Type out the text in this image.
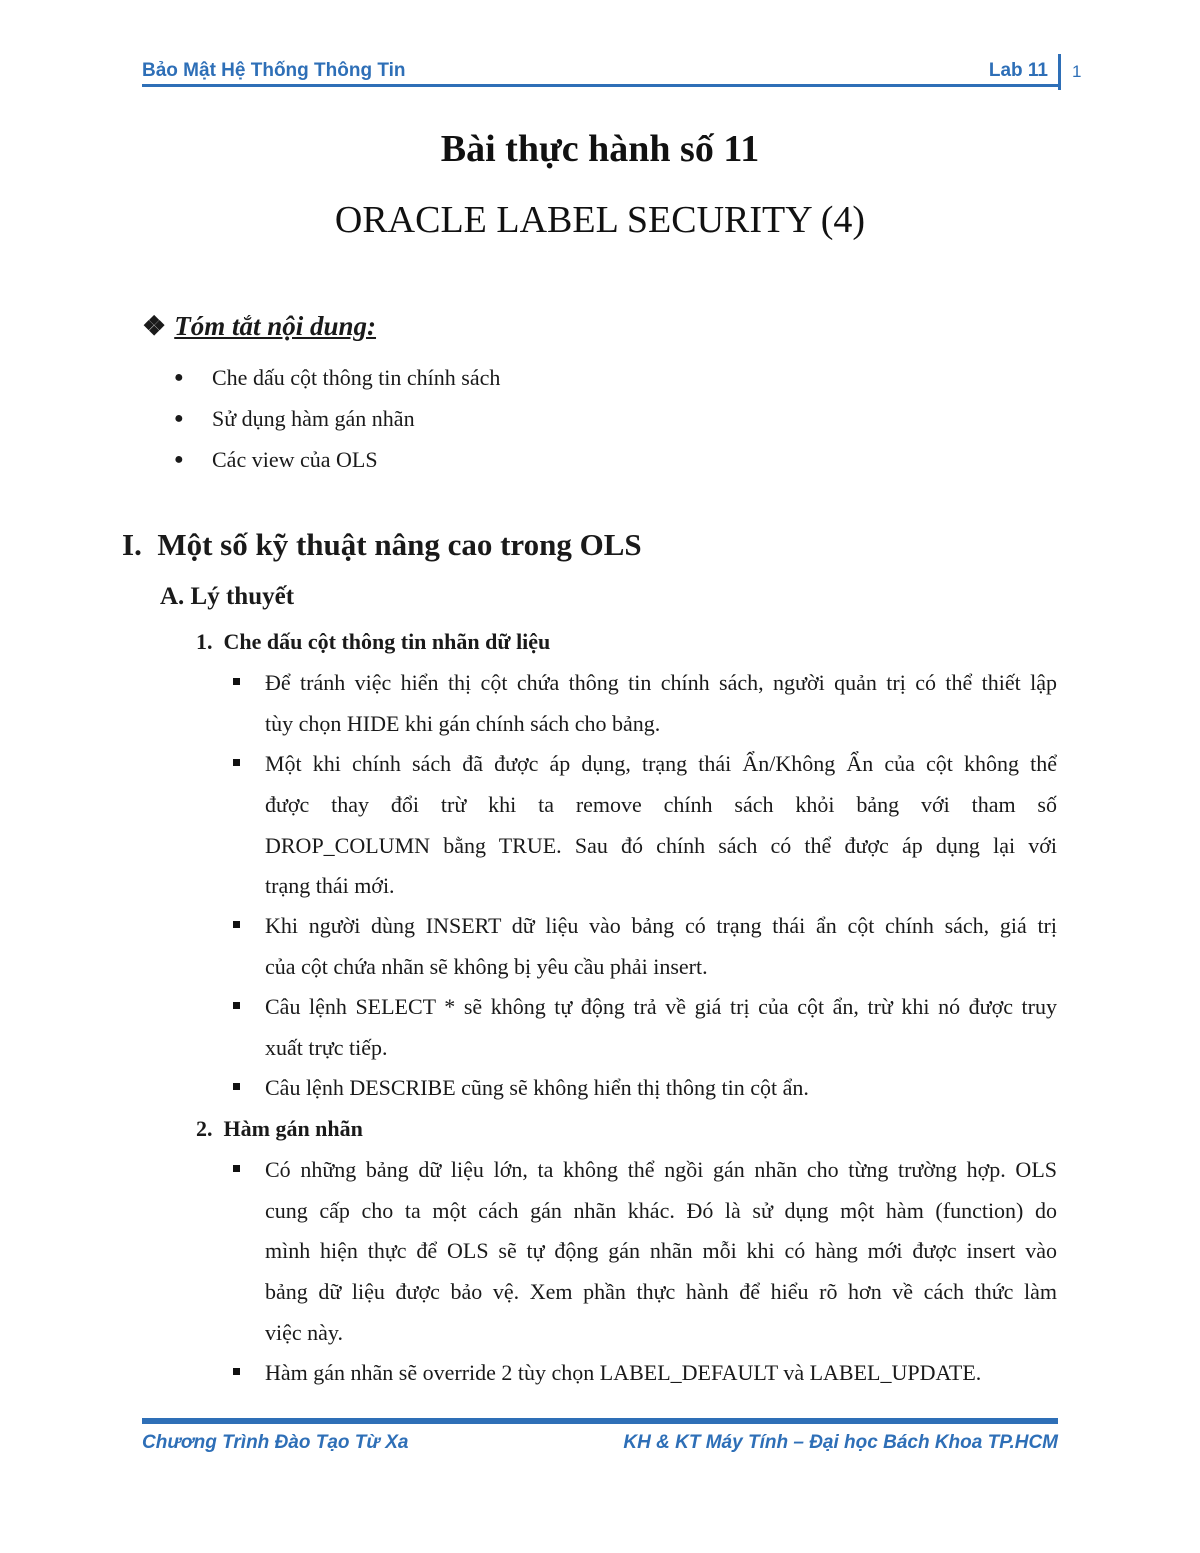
Bảo Mật Hệ Thống Thông Tin	Lab 11 1
Bài thực hành số 11
ORACLE LABEL SECURITY (4)
❖ Tóm tắt nội dung:
● Che dấu cột thông tin chính sách
● Sử dụng hàm gán nhãn
● Các view của OLS
I. Một số kỹ thuật nâng cao trong OLS
A. Lý thuyết
1. Che dấu cột thông tin nhãn dữ liệu
Để tránh việc hiển thị cột chứa thông tin chính sách, người quản trị có thể thiết lập
tùy chọn HIDE khi gán chính sách cho bảng.
Một khi chính sách đã được áp dụng, trạng thái Ẩn/Không Ẩn của cột không thể
được thay đổi trừ khi ta remove chính sách khỏi bảng với tham số
DROP_COLUMN bằng TRUE. Sau đó chính sách có thể được áp dụng lại với
trạng thái mới.
Khi người dùng INSERT dữ liệu vào bảng có trạng thái ẩn cột chính sách, giá trị
của cột chứa nhãn sẽ không bị yêu cầu phải insert.
Câu lệnh SELECT * sẽ không tự động trả về giá trị của cột ẩn, trừ khi nó được truy
xuất trực tiếp.
Câu lệnh DESCRIBE cũng sẽ không hiển thị thông tin cột ẩn.
2. Hàm gán nhãn
Có những bảng dữ liệu lớn, ta không thể ngồi gán nhãn cho từng trường hợp. OLS
cung cấp cho ta một cách gán nhãn khác. Đó là sử dụng một hàm (function) do
mình hiện thực để OLS sẽ tự động gán nhãn mỗi khi có hàng mới được insert vào
bảng dữ liệu được bảo vệ. Xem phần thực hành để hiểu rõ hơn về cách thức làm
việc này.
Hàm gán nhãn sẽ override 2 tùy chọn LABEL_DEFAULT và LABEL_UPDATE.
Chương Trình Đào Tạo Từ Xa	KH & KT Máy Tính – Đại học Bách Khoa TP.HCM
